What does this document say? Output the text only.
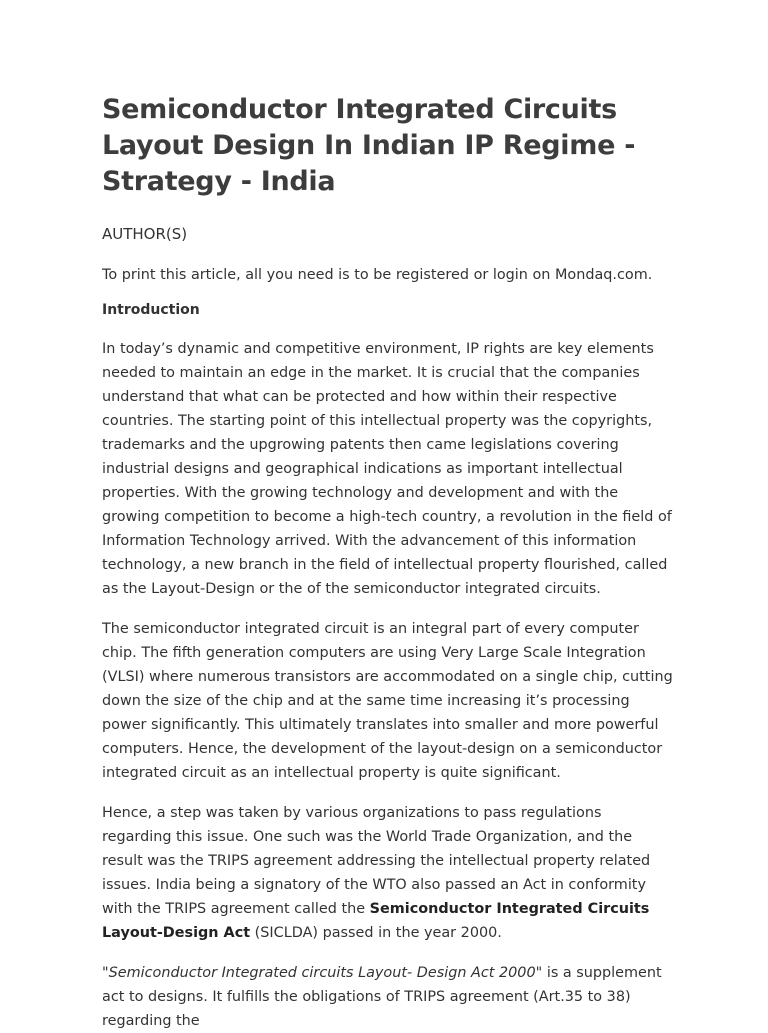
Semiconductor Integrated Circuits Layout Design In Indian IP Regime - Strategy - India
AUTHOR(S)

To print this article, all you need is to be registered or login on Mondaq.com.

Introduction

In today’s dynamic and competitive environment, IP rights are key elements needed to maintain an edge in the market. It is crucial that the companies understand that what can be protected and how within their respective countries. The starting point of this intellectual property was the copyrights, trademarks and the upgrowing patents then came legislations covering industrial designs and geographical indications as important intellectual properties. With the growing technology and development and with the growing competition to become a high-tech country, a revolution in the field of Information Technology arrived. With the advancement of this information technology, a new branch in the field of intellectual property flourished, called as the Layout-Design or the of the semiconductor integrated circuits.

The semiconductor integrated circuit is an integral part of every computer chip. The fifth generation computers are using Very Large Scale Integration (VLSI) where numerous transistors are accommodated on a single chip, cutting down the size of the chip and at the same time increasing it’s processing power significantly. This ultimately translates into smaller and more powerful computers. Hence, the development of the layout-design on a semiconductor integrated circuit as an intellectual property is quite significant.

Hence, a step was taken by various organizations to pass regulations regarding this issue. One such was the World Trade Organization, and the result was the TRIPS agreement addressing the intellectual property related issues. India being a signatory of the WTO also passed an Act in conformity with the TRIPS agreement called the Semiconductor Integrated Circuits Layout-Design Act (SICLDA) passed in the year 2000.

"Semiconductor Integrated circuits Layout- Design Act 2000" is a supplement act to designs. It fulfills the obligations of TRIPS agreement (Art.35 to 38) regarding the
